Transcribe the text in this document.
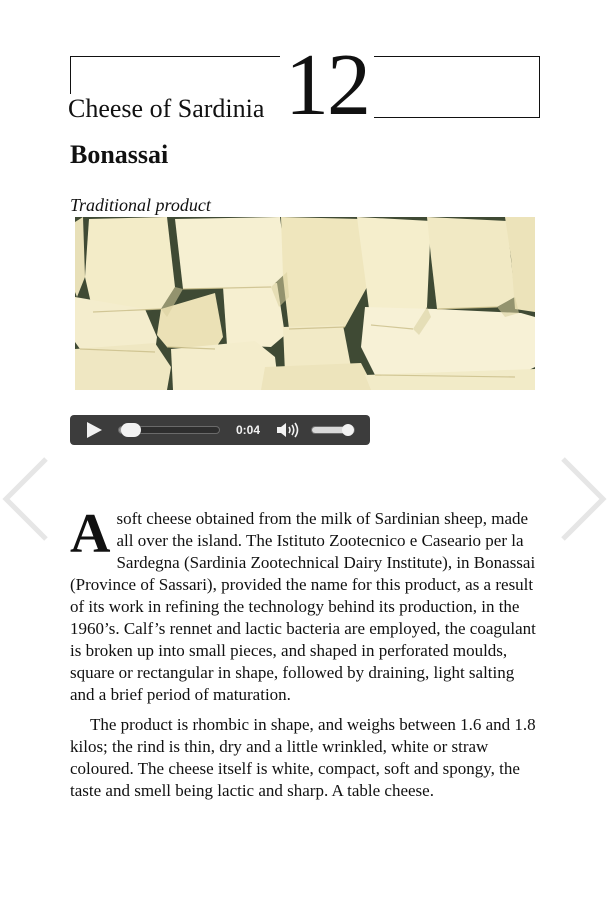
Cheese of Sardinia 12
Bonassai
Traditional product
0:04

Asoft cheese obtained from the milk of Sardinian sheep, made all over the island. The Istituto Zootecnico e Caseario per la Sardegna (Sardinia Zootechnical Dairy Institute), in Bonassai (Province of Sassari), provided the name for this product, as a result of its work in refining the technology behind its production, in the 1960’s. Calf’s rennet and lactic bacteria are employed, the coagulant is broken up into small pieces, and shaped in perforated moulds, square or rectangular in shape, followed by draining, light salting and a brief period of maturation.

The product is rhombic in shape, and weighs between 1.6 and 1.8 kilos; the rind is thin, dry and a little wrinkled, white or straw coloured. The cheese itself is white, compact, soft and spongy, the taste and smell being lactic and sharp. A table cheese.
